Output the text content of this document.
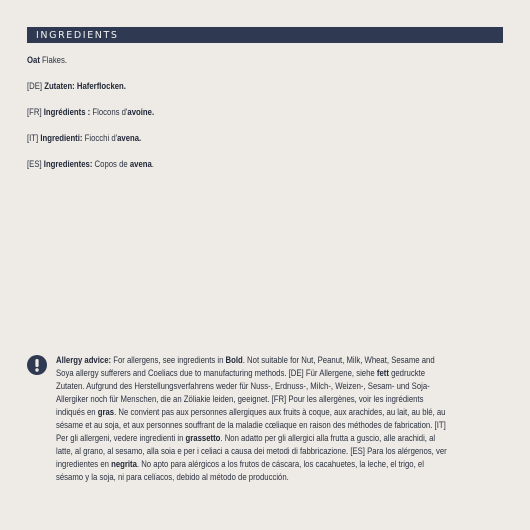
INGREDIENTS

Oat Flakes.

[DE] Zutaten: Haferflocken.

[FR] Ingrédients : Flocons d'avoine.

[IT] Ingredienti: Fiocchi d'avena.

[ES] Ingredientes: Copos de avena.

Allergy advice: For allergens, see ingredients in Bold. Not suitable for Nut, Peanut, Milk, Wheat, Sesame and Soya allergy sufferers and Coeliacs due to manufacturing methods. [DE] Für Allergene, siehe fett gedruckte Zutaten. Aufgrund des Herstellungsverfahrens weder für Nuss-, Erdnuss-, Milch-, Weizen-, Sesam- und Soja-Allergiker noch für Menschen, die an Zöliakie leiden, geeignet. [FR] Pour les allergènes, voir les ingrédients indiqués en gras. Ne convient pas aux personnes allergiques aux fruits à coque, aux arachides, au lait, au blé, au sésame et au soja, et aux personnes souffrant de la maladie cœliaque en raison des méthodes de fabrication. [IT] Per gli allergeni, vedere ingredienti in grassetto. Non adatto per gli allergici alla frutta a guscio, alle arachidi, al latte, al grano, al sesamo, alla soia e per i celiaci a causa dei metodi di fabbricazione. [ES] Para los alérgenos, ver ingredientes en negrita. No apto para alérgicos a los frutos de cáscara, los cacahuetes, la leche, el trigo, el sésamo y la soja, ni para celíacos, debido al método de producción.
